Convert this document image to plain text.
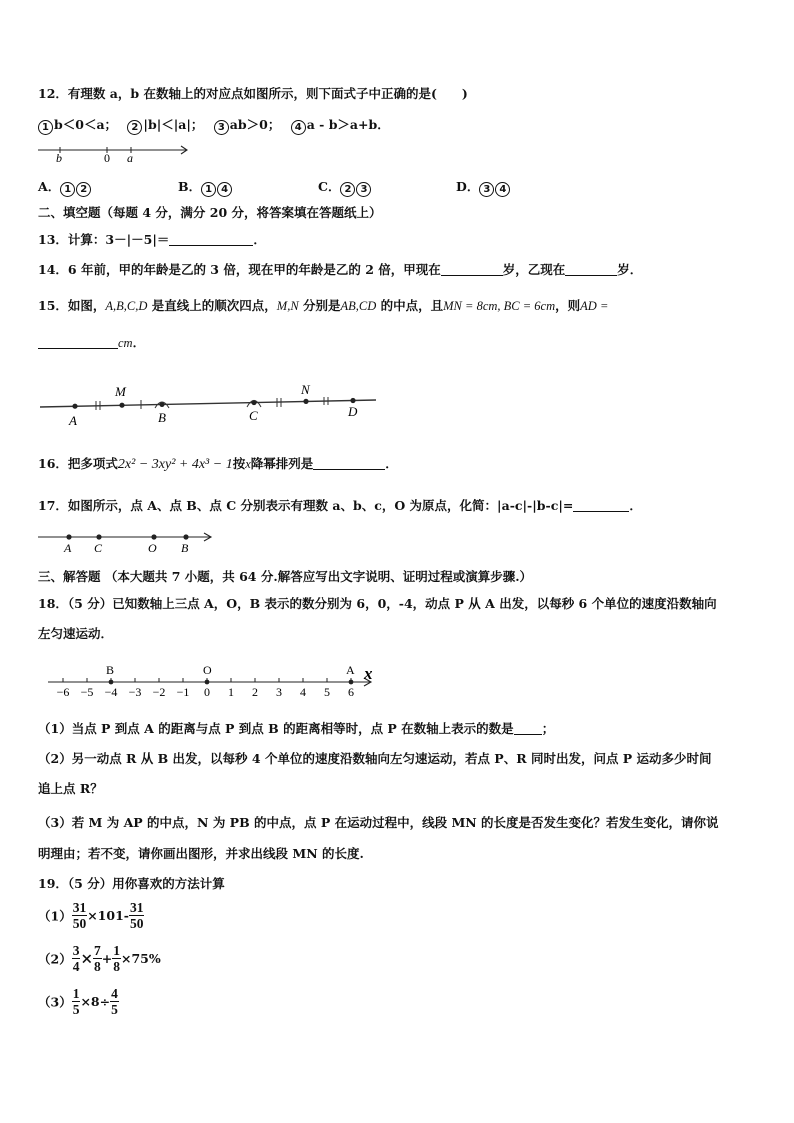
12．有理数 a，b 在数轴上的对应点如图所示，则下面式子中正确的是(　　)
1 b＜0＜a；	2 |b|＜|a|；	3 ab＞0；	4 a - b＞a+b．
b	0 a
A． 1 2	B． 1 4	C． 2 3	D． 3 4
二、填空题（每题 4 分，满分 20 分，将答案填在答题纸上）
13．计算：3－|－5|＝	．
14．6 年前，甲的年龄是乙的 3 倍，现在甲的年龄是乙的 2 倍，甲现在	岁，乙现在	岁．
15．如图，A,B,C,D 是直线上的顺次四点，M,N 分别是AB,CD 的中点，且MN = 8cm, BC = 6cm，则AD =
cm．
A
M
B	C
N
D
16．把多项式2x² − 3xy² + 4x³ − 1按x降幂排列是	．
17．如图所示，点 A、点 B、点 C 分别表示有理数 a、b、c，O 为原点，化简：|a-c|-|b-c|=	．
A C	O B
三、解答题 （本大题共 7 小题，共 64 分.解答应写出文字说明、证明过程或演算步骤.）
18．（5 分）已知数轴上三点 A，O，B 表示的数分别为 6，0，-4，动点 P 从 A 出发，以每秒 6 个单位的速度沿数轴向
左匀速运动．
−6 −5 −4 −3 −2 −1 0 1 2 3 4 5 6
B	O	A x
（1）当点 P 到点 A 的距离与点 P 到点 B 的距离相等时，点 P 在数轴上表示的数是 ；
（2）另一动点 R 从 B 出发，以每秒 4 个单位的速度沿数轴向左匀速运动，若点 P、R 同时出发，问点 P 运动多少时间
追上点 R？
（3）若 M 为 AP 的中点，N 为 PB 的中点，点 P 在运动过程中，线段 MN 的长度是否发生变化？若发生变化，请你说
明理由；若不变，请你画出图形，并求出线段 MN 的长度.
19．（5 分）用你喜欢的方法计算
$(1) \frac{31}{50} \times 101- \frac{31}{50}$
$(2) \frac{3}{4} \times \frac{7}{8} + \frac{1}{8} \times 75\%$
$(3) \frac{1}{5} \times 8\div \frac{4}{5}$
